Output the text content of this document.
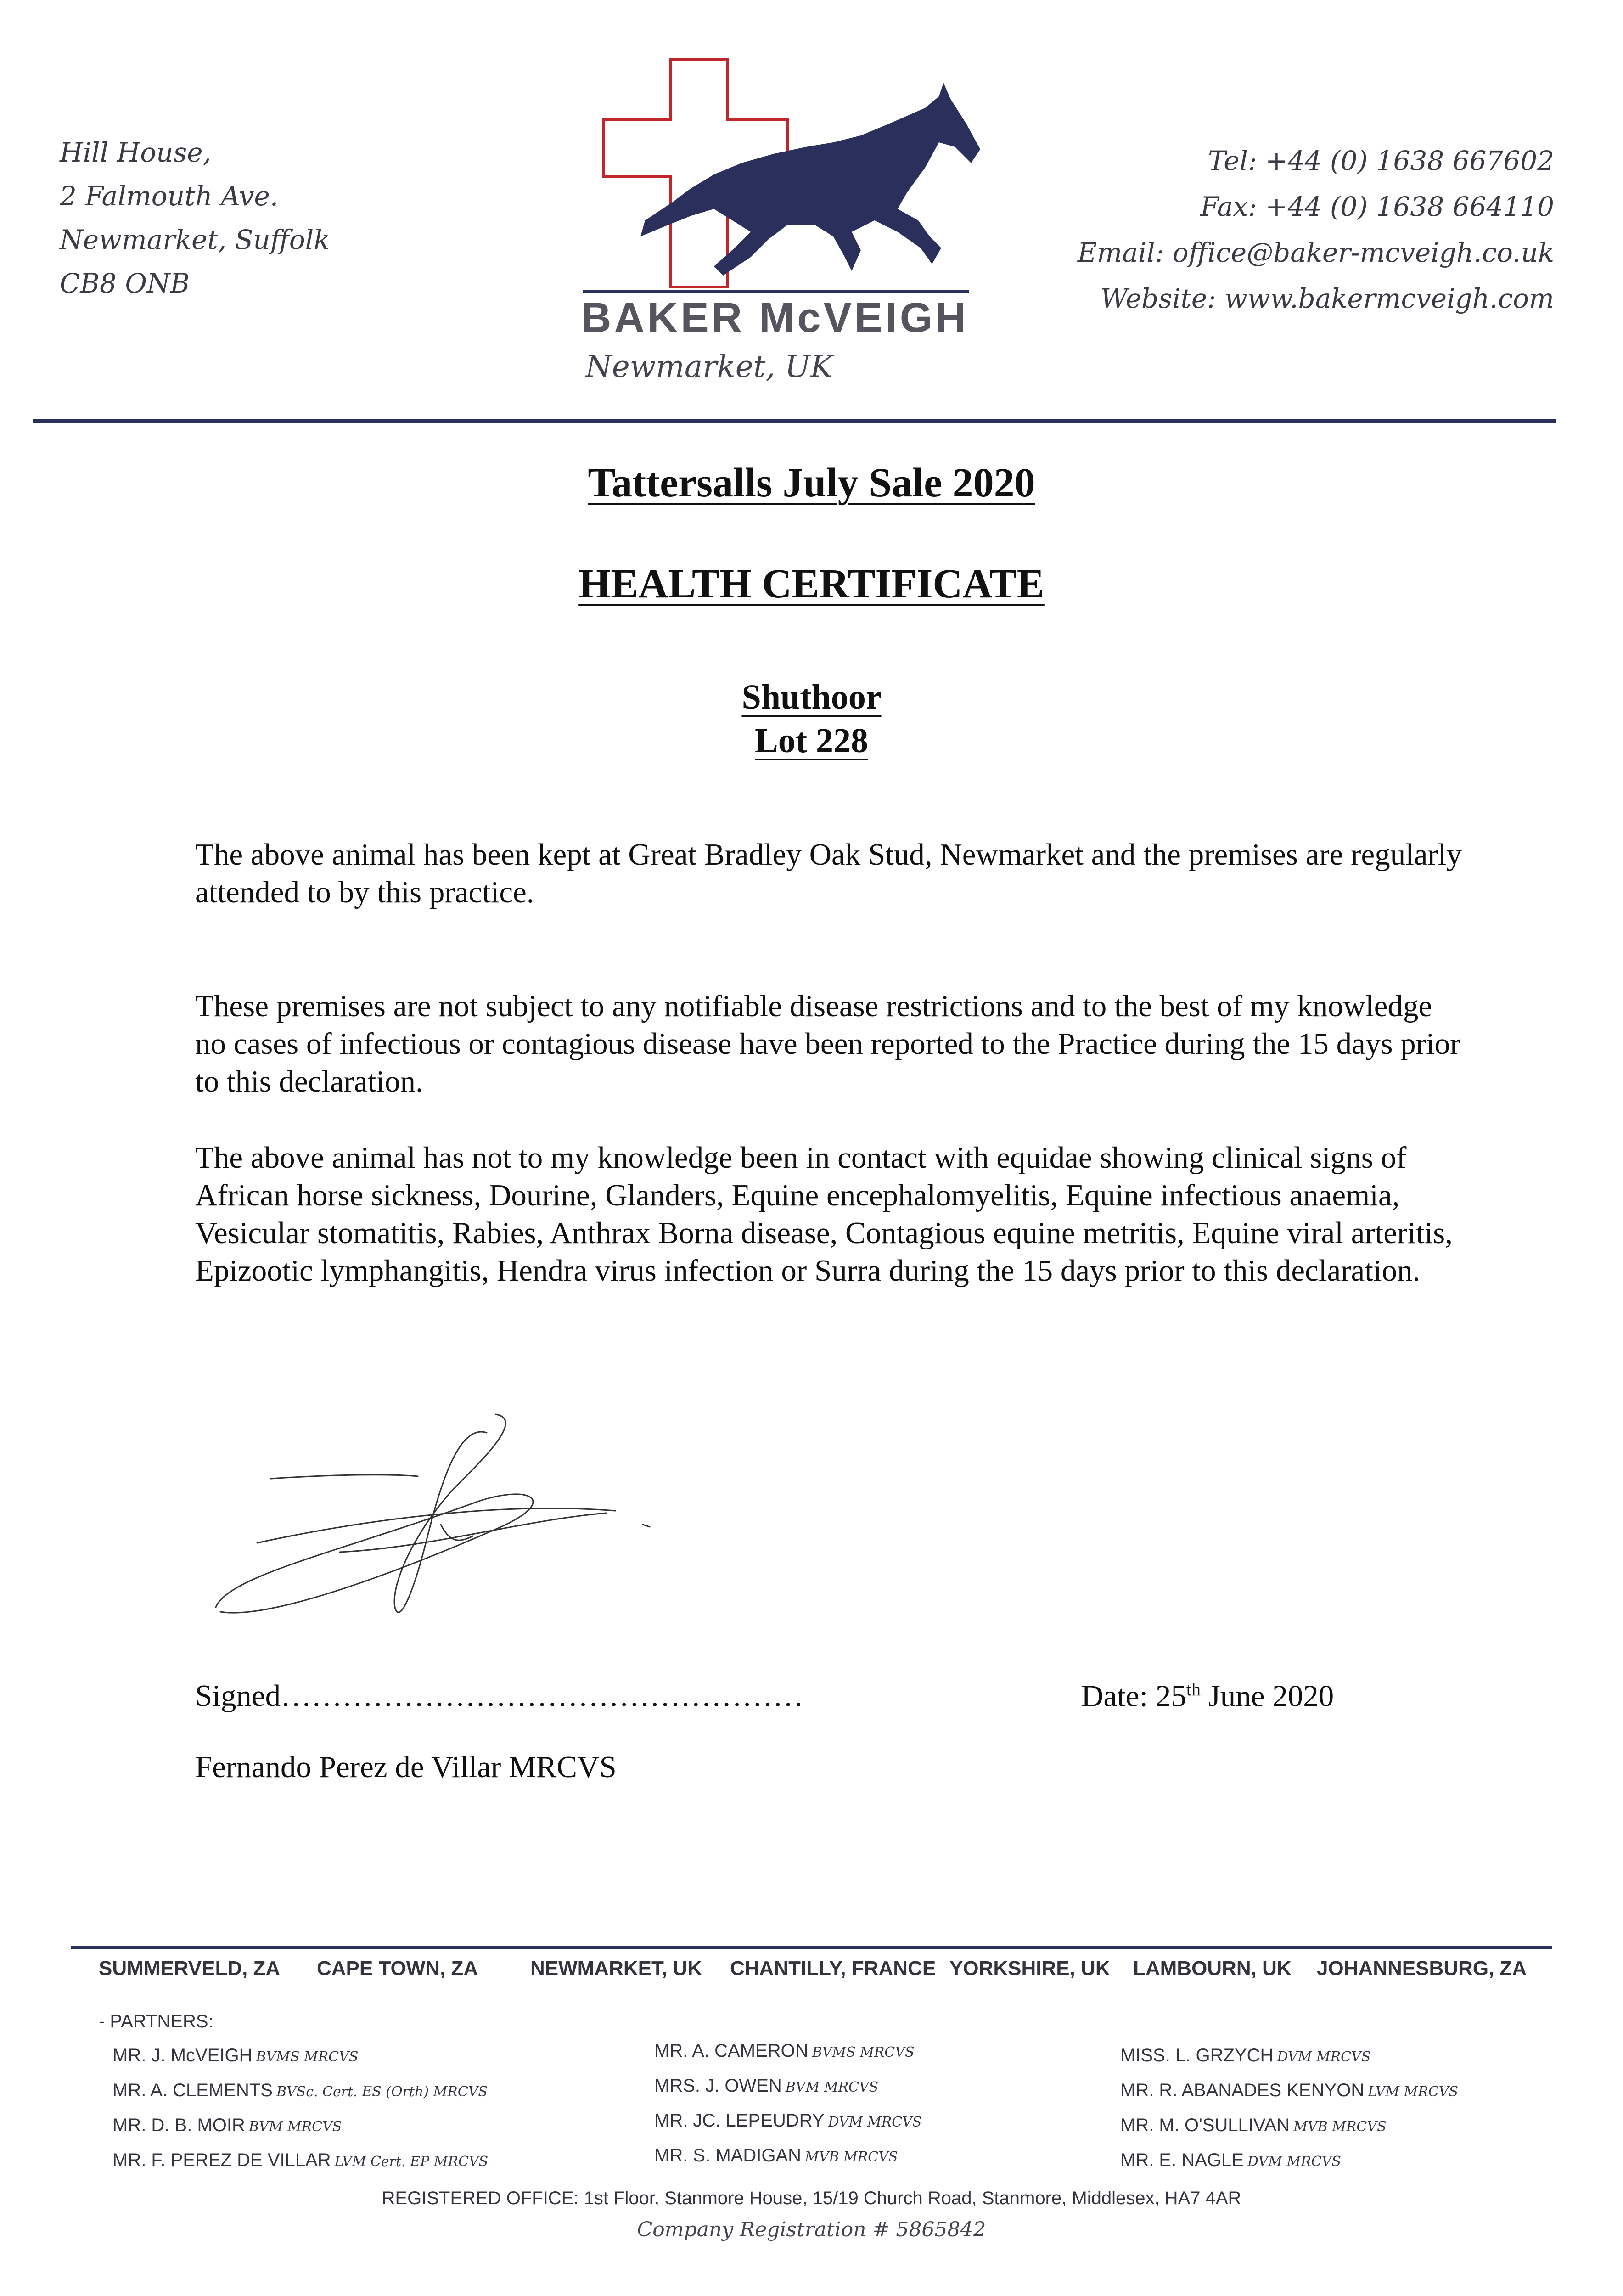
Hill House,
2 Falmouth Ave.
Newmarket, Suffolk
CB8 ONB
BAKER McVEIGH
Newmarket, UK
Tel: +44 (0) 1638 667602
Fax: +44 (0) 1638 664110
Email: office@baker-mcveigh.co.uk
Website: www.bakermcveigh.com
Tattersalls July Sale 2020
HEALTH CERTIFICATE
Shuthoor
Lot 228
The above animal has been kept at Great Bradley Oak Stud, Newmarket and the premises are regularly attended to by this practice.
These premises are not subject to any notifiable disease restrictions and to the best of my knowledge no cases of infectious or contagious disease have been reported to the Practice during the 15 days prior to this declaration.
The above animal has not to my knowledge been in contact with equidae showing clinical signs of African horse sickness, Dourine, Glanders, Equine encephalomyelitis, Equine infectious anaemia, Vesicular stomatitis, Rabies, Anthrax Borna disease, Contagious equine metritis, Equine viral arteritis, Epizootic lymphangitis, Hendra virus infection or Surra during the 15 days prior to this declaration.
Signed……………………………………………	Date: 25th June 2020
Fernando Perez de Villar MRCVS
SUMMERVELD, ZA CAPE TOWN, ZA	NEWMARKET, UK CHANTILLY, FRANCE YORKSHIRE, UK LAMBOURN, UK JOHANNESBURG, ZA
- PARTNERS:
MR. J. McVEIGH BVMS MRCVS
MR. A. CLEMENTS BVSc. Cert. ES (Orth) MRCVS
MR. D. B. MOIR BVM MRCVS
MR. F. PEREZ DE VILLAR LVM Cert. EP MRCVS
MR. A. CAMERON BVMS MRCVS
MRS. J. OWEN BVM MRCVS
MR. JC. LEPEUDRY DVM MRCVS
MR. S. MADIGAN MVB MRCVS
MISS. L. GRZYCH DVM MRCVS
MR. R. ABANADES KENYON LVM MRCVS
MR. M. O'SULLIVAN MVB MRCVS
MR. E. NAGLE DVM MRCVS
REGISTERED OFFICE: 1st Floor, Stanmore House, 15/19 Church Road, Stanmore, Middlesex, HA7 4AR
Company Registration # 5865842
